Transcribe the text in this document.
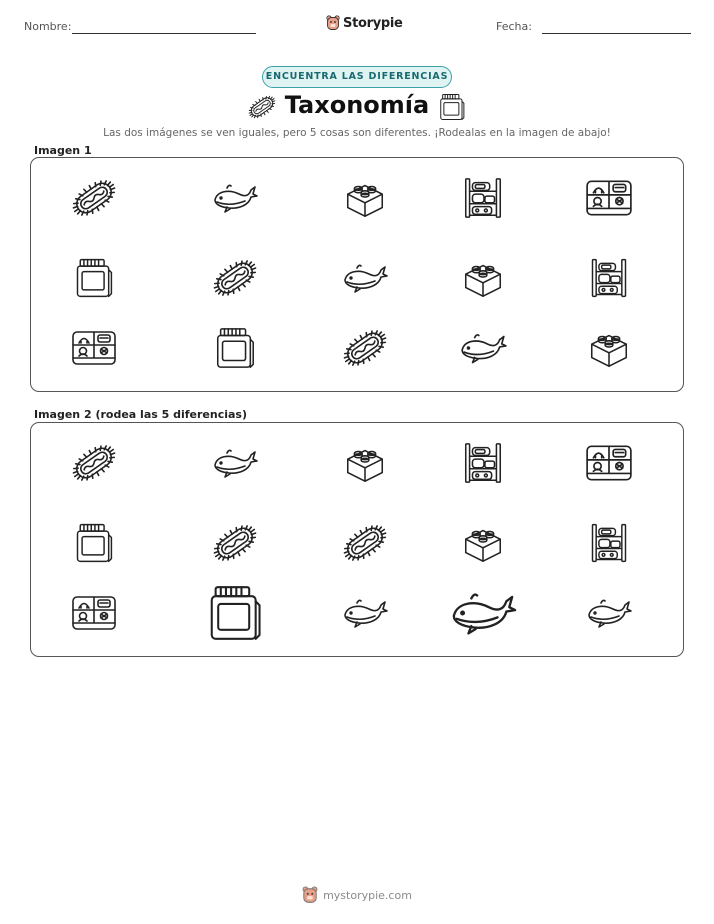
Nombre:	Storypie	Fecha:
ENCUENTRA LAS DIFERENCIAS
Taxonomía
Las dos imágenes se ven iguales, pero 5 cosas son diferentes. ¡Rodealas en la imagen de abajo!
Imagen 1
Imagen 2 (rodea las 5 diferencias)
mystorypie.com
